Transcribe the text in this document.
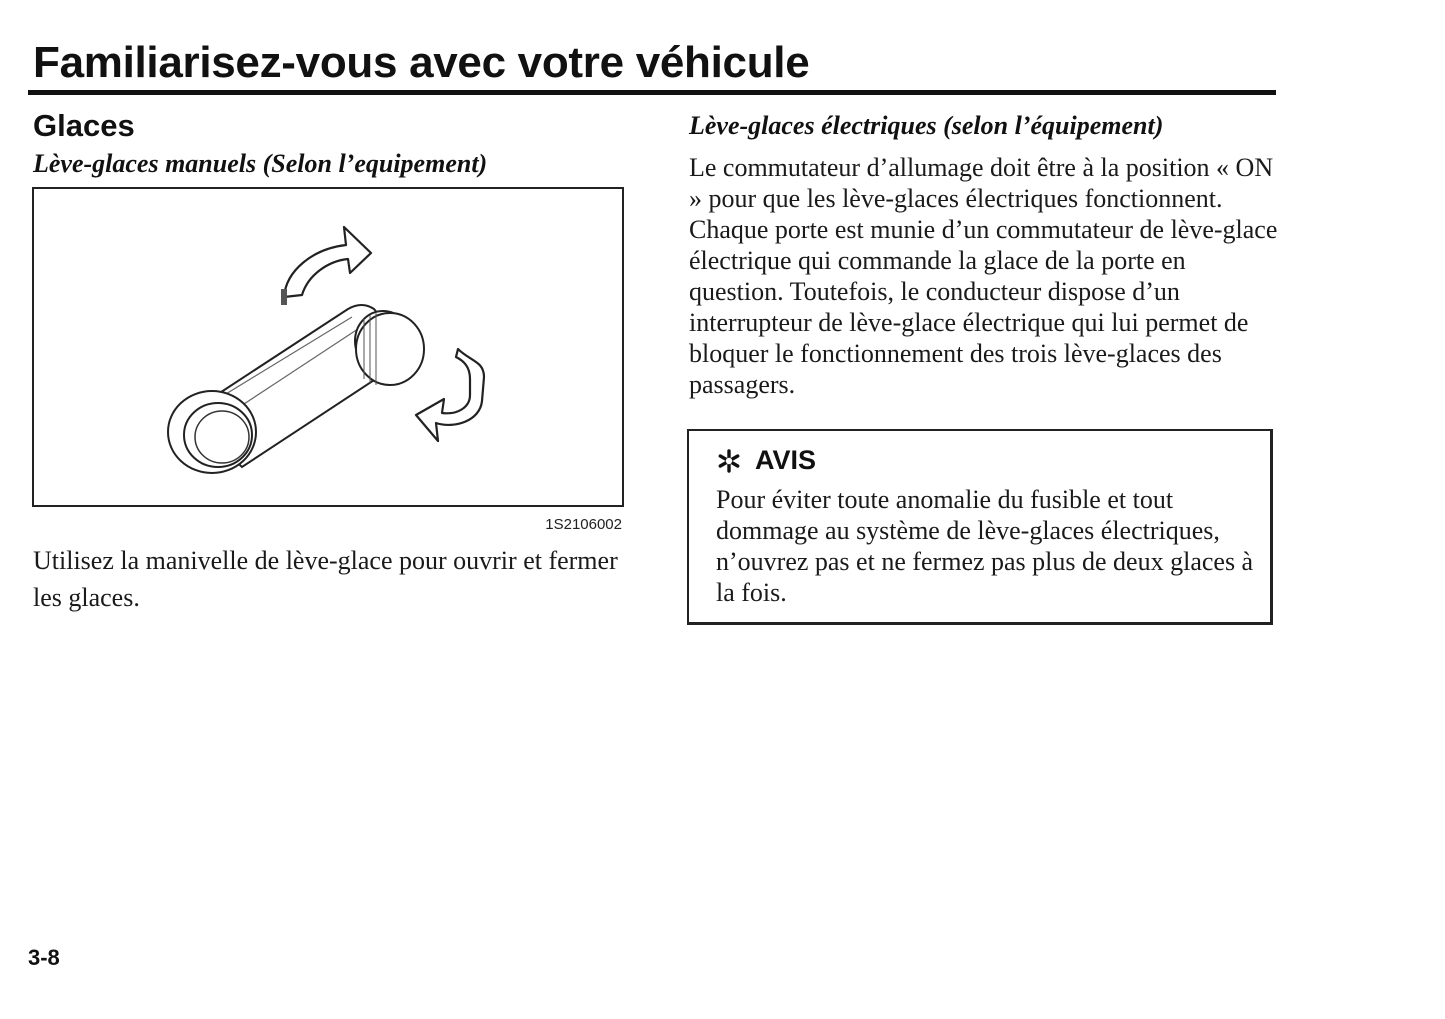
Familiarisez-vous avec votre véhicule
Glaces
Lève-glaces manuels (Selon l’equipement)
1S2106002

Utilisez la manivelle de lève-glace pour ouvrir et fermer les glaces.

Lève-glaces électriques (selon l’équipement)

Le commutateur d’allumage doit être à la position « ON » pour que les lève-glaces électriques fonctionnent. Chaque porte est munie d’un commutateur de lève-glace électrique qui commande la glace de la porte en question. Toutefois, le conducteur dispose d’un interrupteur de lève-glace électrique qui lui permet de bloquer le fonctionnement des trois lève-glaces des passagers.

AVIS

Pour éviter toute anomalie du fusible et tout dommage au système de lève-glaces électriques, n’ouvrez pas et ne fermez pas plus de deux glaces à la fois.

3-8
